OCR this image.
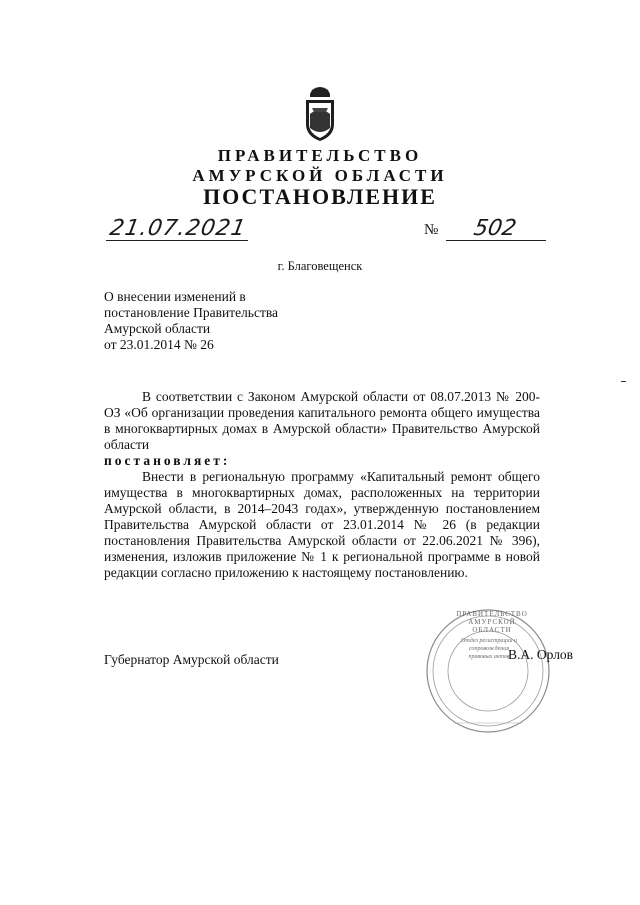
ПРАВИТЕЛЬСТВО
АМУРСКОЙ ОБЛАСТИ
ПОСТАНОВЛЕНИЕ
21.07.2021	№ 502
г. Благовещенск
О внесении изменений в
постановление Правительства
Амурской области
от 23.01.2014 № 26
В соответствии с Законом Амурской области от 08.07.2013 № 200-ОЗ «Об организации проведения капитального ремонта общего имущества в многоквартирных домах в Амурской области» Правительство Амурской области
постановляет:
Внести в региональную программу «Капитальный ремонт общего имущества в многоквартирных домах, расположенных на территории Амурской области, в 2014–2043 годах», утвержденную постановлением Правительства Амурской области от 23.01.2014 № 26 (в редакции постановления Правительства Амурской области от 22.06.2021 № 396), изменения, изложив приложение № 1 к региональной программе в новой редакции согласно приложению к настоящему постановлению.
ПРАВИТЕЛЬСТВО АМУРСКОЙ ОБЛАСТИ
Отдел регистрации и сопровождения правовых актов
Губернатор Амурской области	В.А. Орлов
